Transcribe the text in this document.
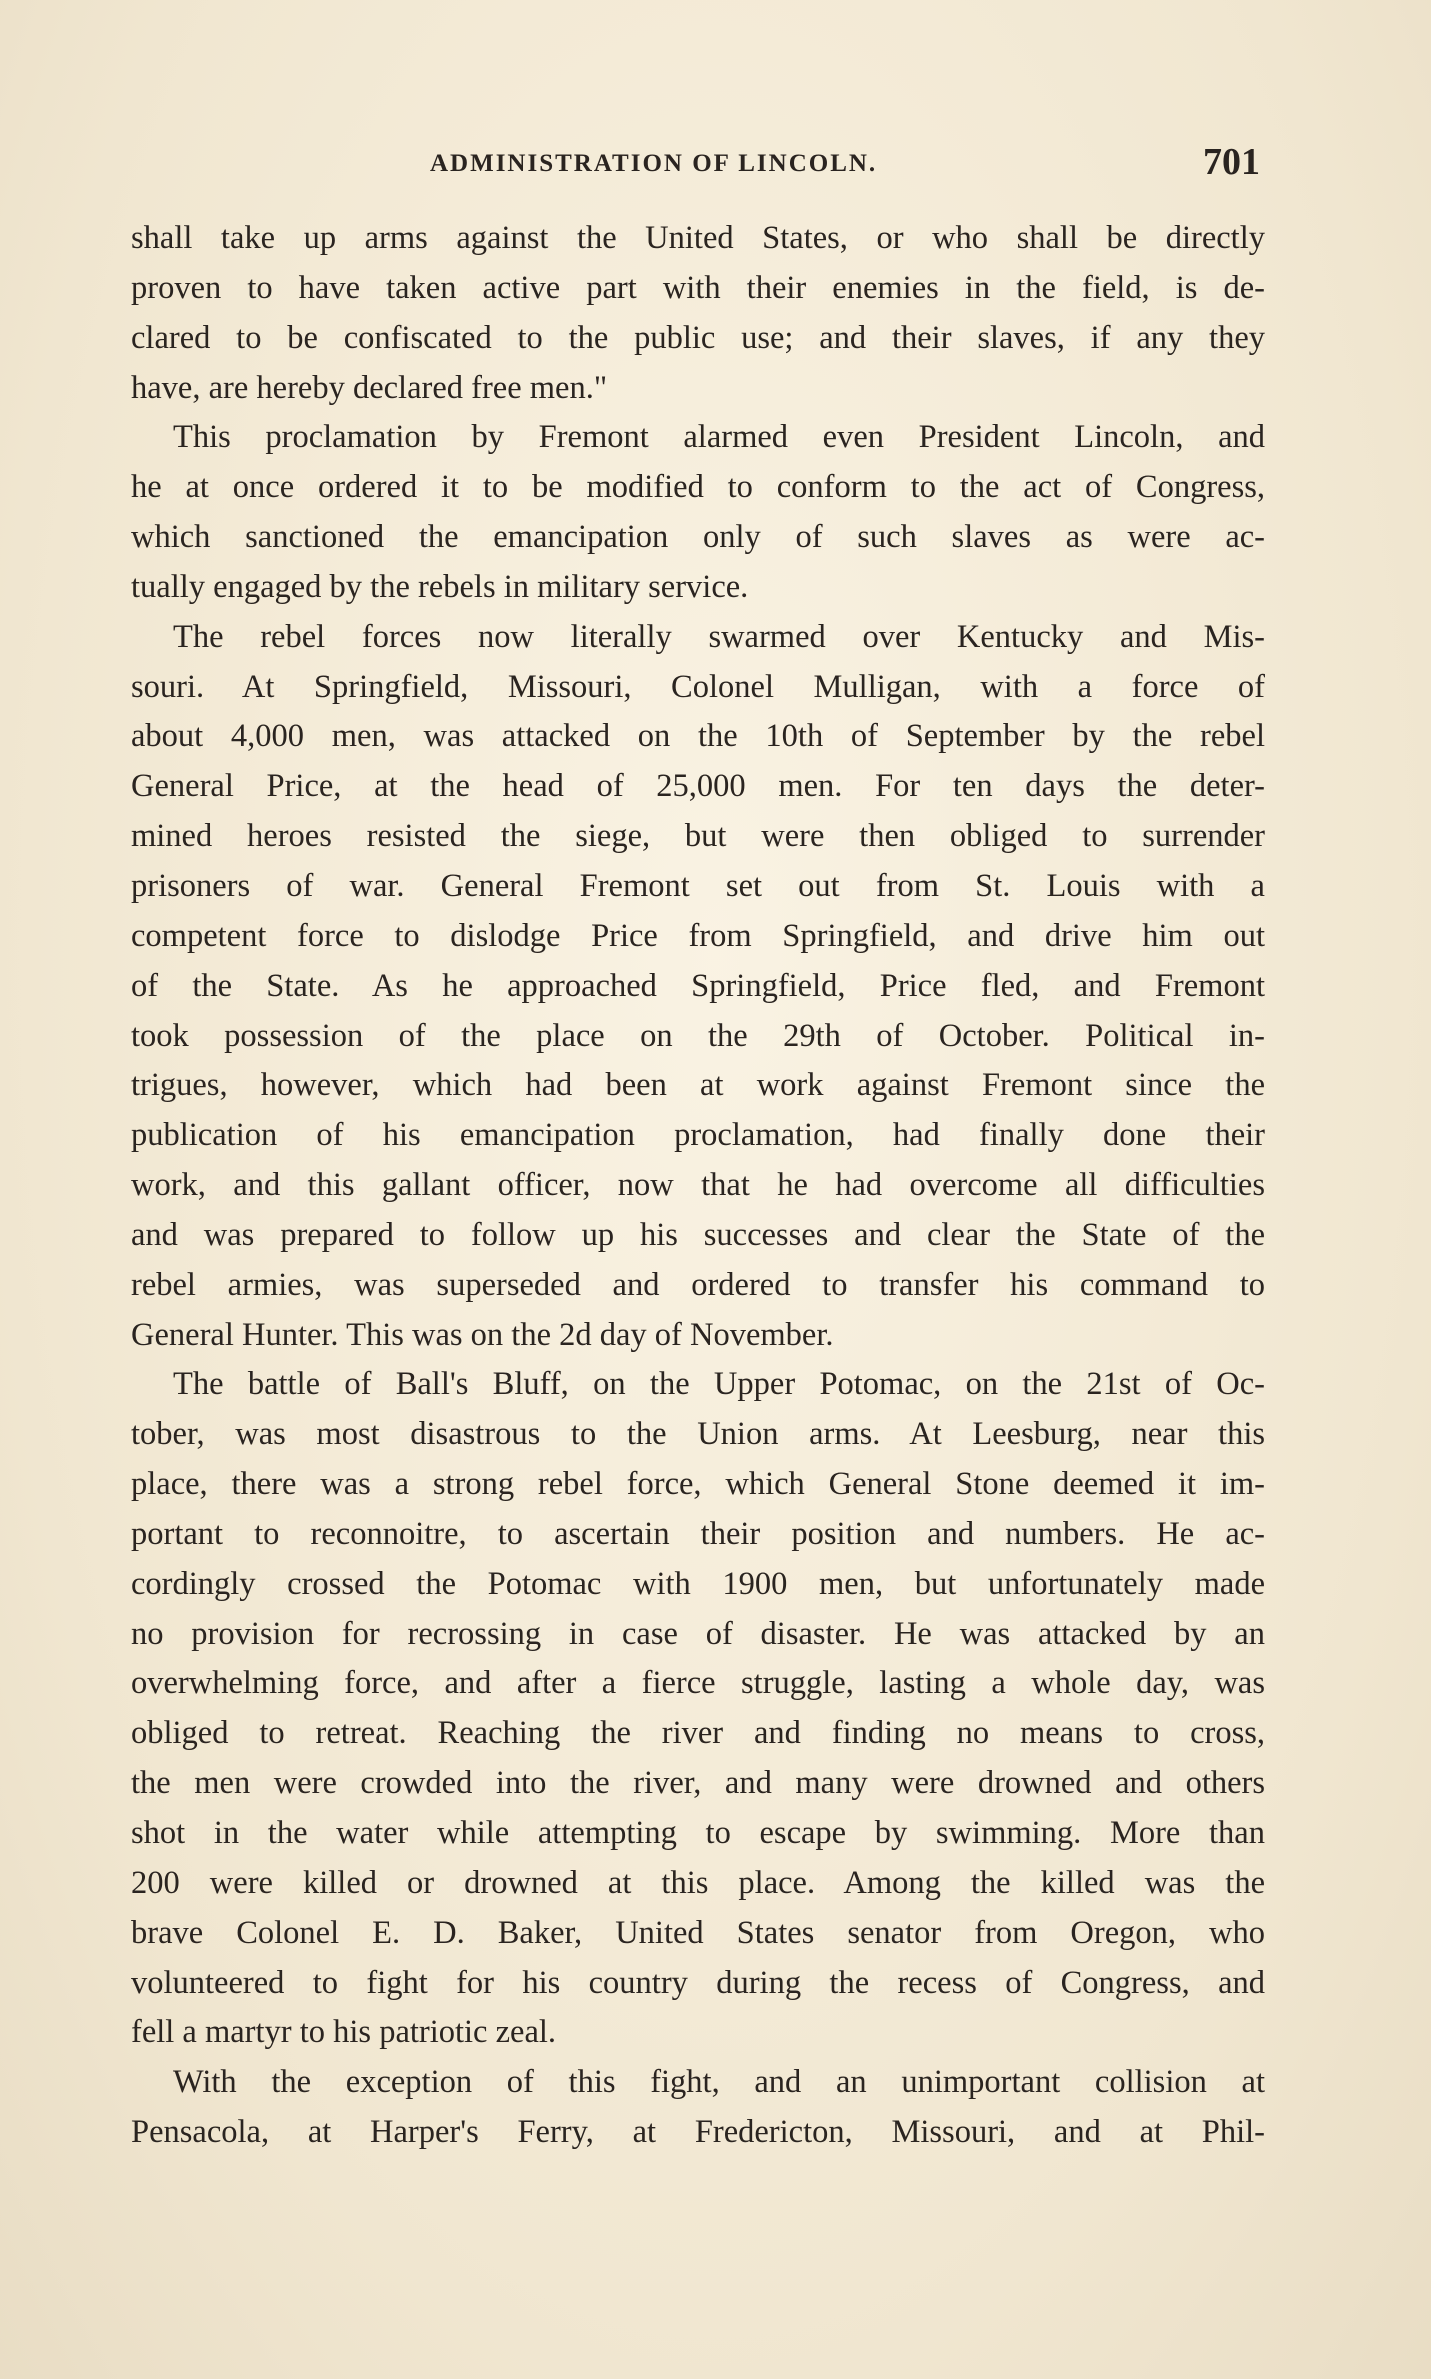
ADMINISTRATION OF LINCOLN.	701
shall take up arms against the United States, or who shall be directly
proven to have taken active part with their enemies in the field, is de-
clared to be confiscated to the public use; and their slaves, if any they
have, are hereby declared free men."
This proclamation by Fremont alarmed even President Lincoln, and
he at once ordered it to be modified to conform to the act of Congress,
which sanctioned the emancipation only of such slaves as were ac-
tually engaged by the rebels in military service.
The rebel forces now literally swarmed over Kentucky and Mis-
souri. At Springfield, Missouri, Colonel Mulligan, with a force of
about 4,000 men, was attacked on the 10th of September by the rebel
General Price, at the head of 25,000 men. For ten days the deter-
mined heroes resisted the siege, but were then obliged to surrender
prisoners of war. General Fremont set out from St. Louis with a
competent force to dislodge Price from Springfield, and drive him out
of the State. As he approached Springfield, Price fled, and Fremont
took possession of the place on the 29th of October. Political in-
trigues, however, which had been at work against Fremont since the
publication of his emancipation proclamation, had finally done their
work, and this gallant officer, now that he had overcome all difficulties
and was prepared to follow up his successes and clear the State of the
rebel armies, was superseded and ordered to transfer his command to
General Hunter. This was on the 2d day of November.
The battle of Ball's Bluff, on the Upper Potomac, on the 21st of Oc-
tober, was most disastrous to the Union arms. At Leesburg, near this
place, there was a strong rebel force, which General Stone deemed it im-
portant to reconnoitre, to ascertain their position and numbers. He ac-
cordingly crossed the Potomac with 1900 men, but unfortunately made
no provision for recrossing in case of disaster. He was attacked by an
overwhelming force, and after a fierce struggle, lasting a whole day, was
obliged to retreat. Reaching the river and finding no means to cross,
the men were crowded into the river, and many were drowned and others
shot in the water while attempting to escape by swimming. More than
200 were killed or drowned at this place. Among the killed was the
brave Colonel E. D. Baker, United States senator from Oregon, who
volunteered to fight for his country during the recess of Congress, and
fell a martyr to his patriotic zeal.
With the exception of this fight, and an unimportant collision at
Pensacola, at Harper's Ferry, at Fredericton, Missouri, and at Phil-
